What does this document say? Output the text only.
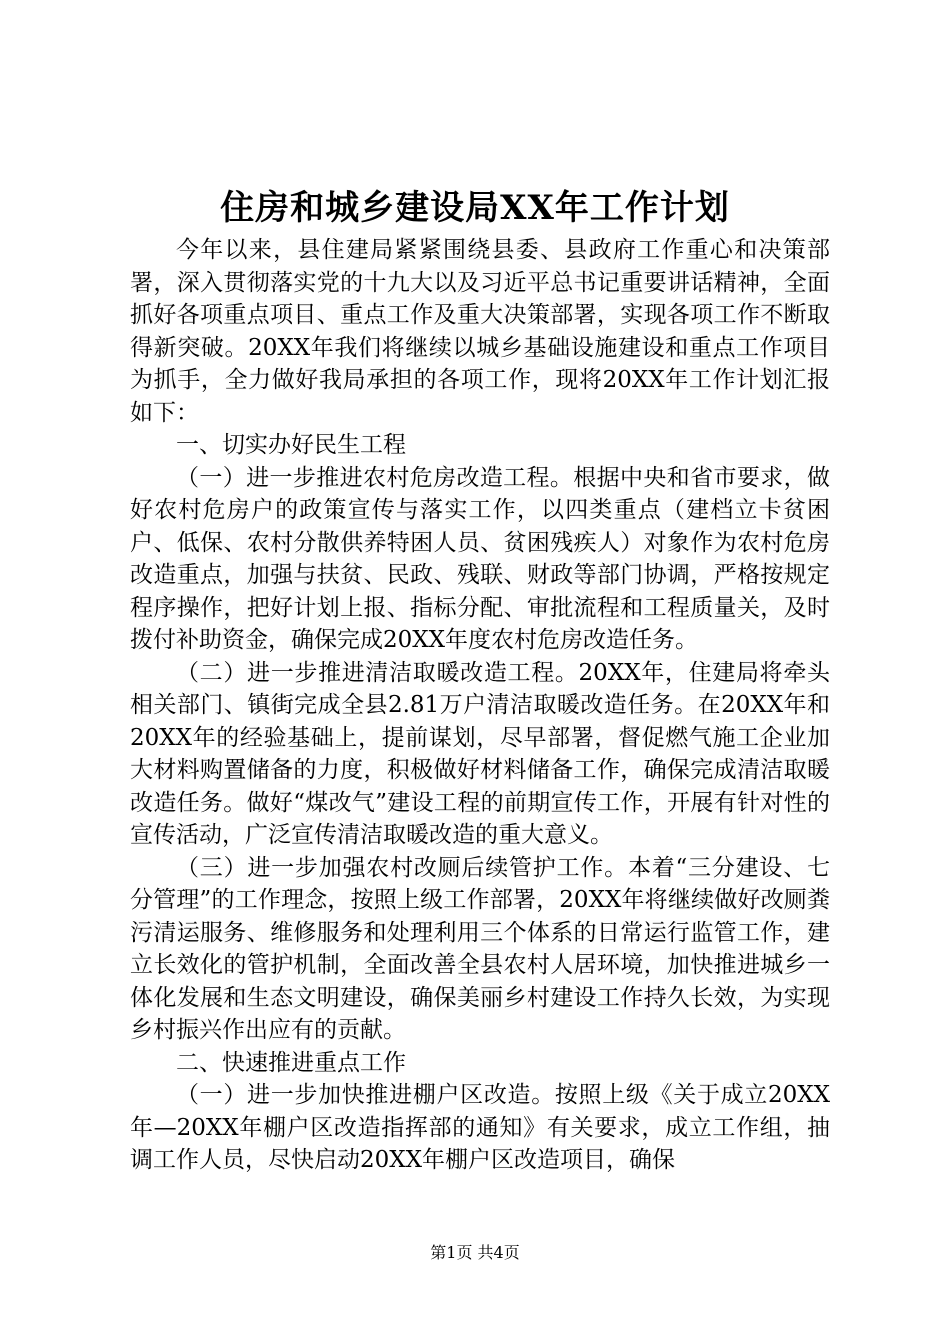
住房和城乡建设局XX年工作计划

今年以来，县住建局紧紧围绕县委、县政府工作重心和决策部署，深入贯彻落实党的十九大以及习近平总书记重要讲话精神，全面抓好各项重点项目、重点工作及重大决策部署，实现各项工作不断取得新突破。20XX年我们将继续以城乡基础设施建设和重点工作项目为抓手，全力做好我局承担的各项工作，现将20XX年工作计划汇报如下：

一、切实办好民生工程

（一）进一步推进农村危房改造工程。根据中央和省市要求，做好农村危房户的政策宣传与落实工作，以四类重点（建档立卡贫困户、低保、农村分散供养特困人员、贫困残疾人）对象作为农村危房改造重点，加强与扶贫、民政、残联、财政等部门协调，严格按规定程序操作，把好计划上报、指标分配、审批流程和工程质量关，及时拨付补助资金，确保完成20XX年度农村危房改造任务。

（二）进一步推进清洁取暖改造工程。20XX年，住建局将牵头相关部门、镇街完成全县2.81万户清洁取暖改造任务。在20XX年和20XX年的经验基础上，提前谋划，尽早部署，督促燃气施工企业加大材料购置储备的力度，积极做好材料储备工作，确保完成清洁取暖改造任务。做好“煤改气”建设工程的前期宣传工作，开展有针对性的宣传活动，广泛宣传清洁取暖改造的重大意义。

（三）进一步加强农村改厕后续管护工作。本着“三分建设、七分管理”的工作理念，按照上级工作部署，20XX年将继续做好改厕粪污清运服务、维修服务和处理利用三个体系的日常运行监管工作，建立长效化的管护机制，全面改善全县农村人居环境，加快推进城乡一体化发展和生态文明建设，确保美丽乡村建设工作持久长效，为实现乡村振兴作出应有的贡献。

二、快速推进重点工作

（一）进一步加快推进棚户区改造。按照上级《关于成立20XX年—20XX年棚户区改造指挥部的通知》有关要求，成立工作组，抽调工作人员，尽快启动20XX年棚户区改造项目，确保

第1页 共4页
